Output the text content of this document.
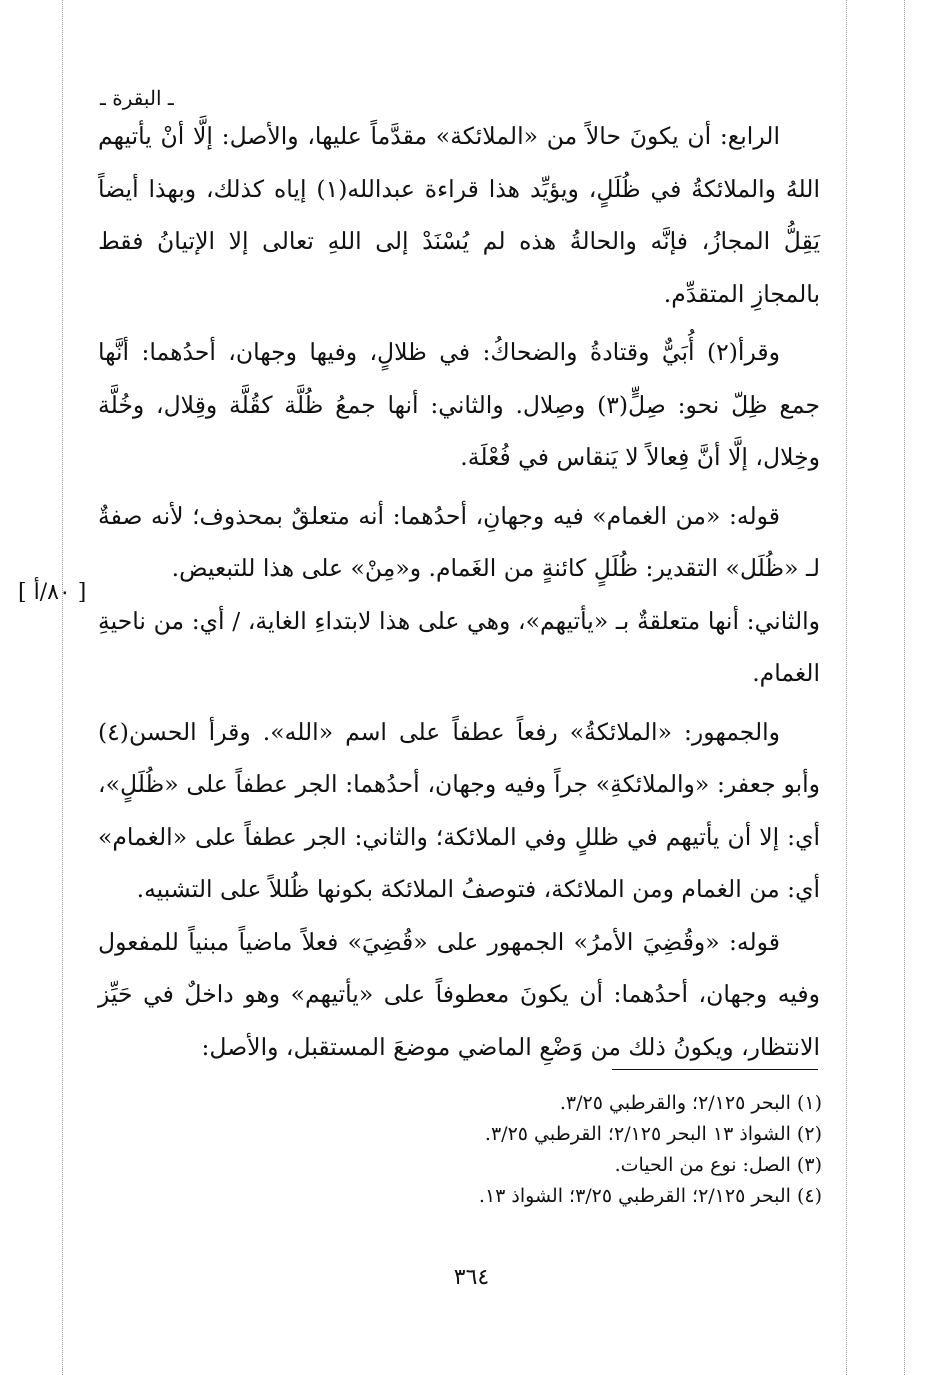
ـ البقرة ـ

الرابع: أن يكونَ حالاً من «الملائكة» مقدَّماً عليها، والأصل: إلَّا أنْ يأتيهم اللهُ والملائكةُ في ظُلَلٍ، ويؤيِّد هذا قراءة عبدالله(١) إياه كذلك، وبهذا أيضاً يَقِلُّ المجازُ، فإنَّه والحالةُ هذه لم يُسْنَدْ إلى اللهِ تعالى إلا الإتيانُ فقط بالمجازِ المتقدِّم.

وقرأ(٢) أُبَيٌّ وقتادةُ والضحاكُ: في ظلالٍ، وفيها وجهان، أحدُهما: أنَّها جمع ظِلّ نحو: صِلٍّ(٣) وصِلال. والثاني: أنها جمعُ ظُلَّة كقُلَّة وقِلال، وخُلَّة وخِلال، إلَّا أنَّ فِعالاً لا يَنقاس في فُعْلَة.

قوله: «من الغمام» فيه وجهانِ، أحدُهما: أنه متعلقٌ بمحذوف؛ لأنه صفةٌ لـ «ظُلَل» التقدير: ظُلَلٍ كائنةٍ من الغَمام. و«مِنْ» على هذا للتبعيض.

والثاني: أنها متعلقةٌ بـ «يأتيهم»، وهي على هذا لابتداءِ الغاية، / أي: من ناحيةِ الغمام.

والجمهور: «الملائكةُ» رفعاً عطفاً على اسم «الله». وقرأ الحسن(٤) وأبو جعفر: «والملائكةِ» جراً وفيه وجهان، أحدُهما: الجر عطفاً على «ظُلَلٍ»، أي: إلا أن يأتيهم في ظللٍ وفي الملائكة؛ والثاني: الجر عطفاً على «الغمام» أي: من الغمام ومن الملائكة، فتوصفُ الملائكة بكونها ظُللاً على التشبيه.

قوله: «وقُضِيَ الأمرُ» الجمهور على «قُضِيَ» فعلاً ماضياً مبنياً للمفعول وفيه وجهان، أحدُهما: أن يكونَ معطوفاً على «يأتيهم» وهو داخلٌ في حَيِّز الانتظار، ويكونُ ذلك من وَضْعِ الماضي موضعَ المستقبل، والأصل:

[ ٨٠/أ ]
(١) البحر ٢/١٢٥؛ والقرطبي ٣/٢٥.
(٢) الشواذ ١٣ البحر ٢/١٢٥؛ القرطبي ٣/٢٥.
(٣) الصل: نوع من الحيات.
(٤) البحر ٢/١٢٥؛ القرطبي ٣/٢٥؛ الشواذ ١٣.
٣٦٤
